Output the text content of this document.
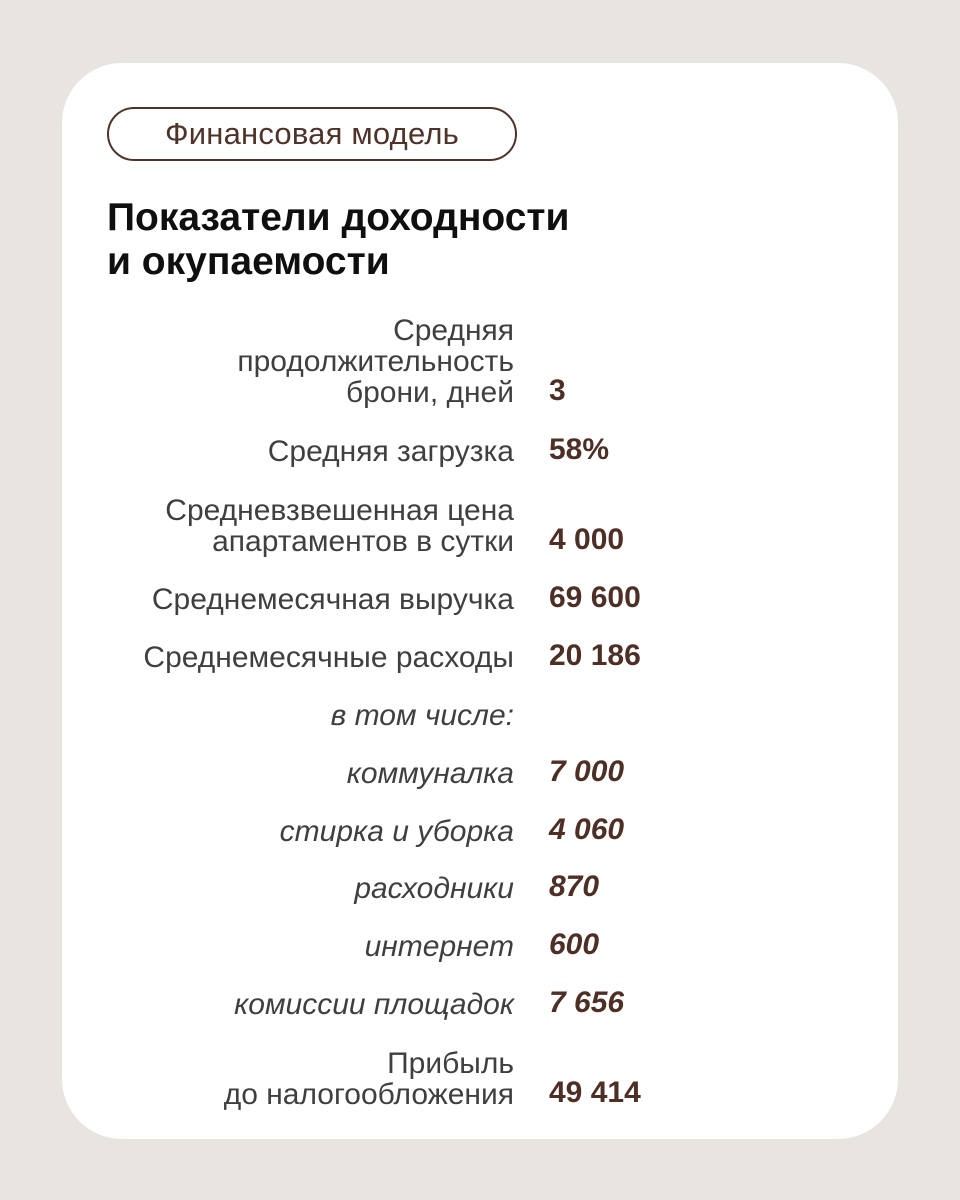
Финансовая модель
Показатели доходности
и окупаемости
Средняя
продолжительность
брони, дней 3
Средняя загрузка 58%
Средневзвешенная цена
апартаментов в сутки 4 000
Среднемесячная выручка 69 600
Среднемесячные расходы 20 186
в том числе:
коммуналка 7 000
стирка и уборка 4 060
расходники 870
интернет 600
комиссии площадок 7 656
Прибыль
до налогообложения 49 414
